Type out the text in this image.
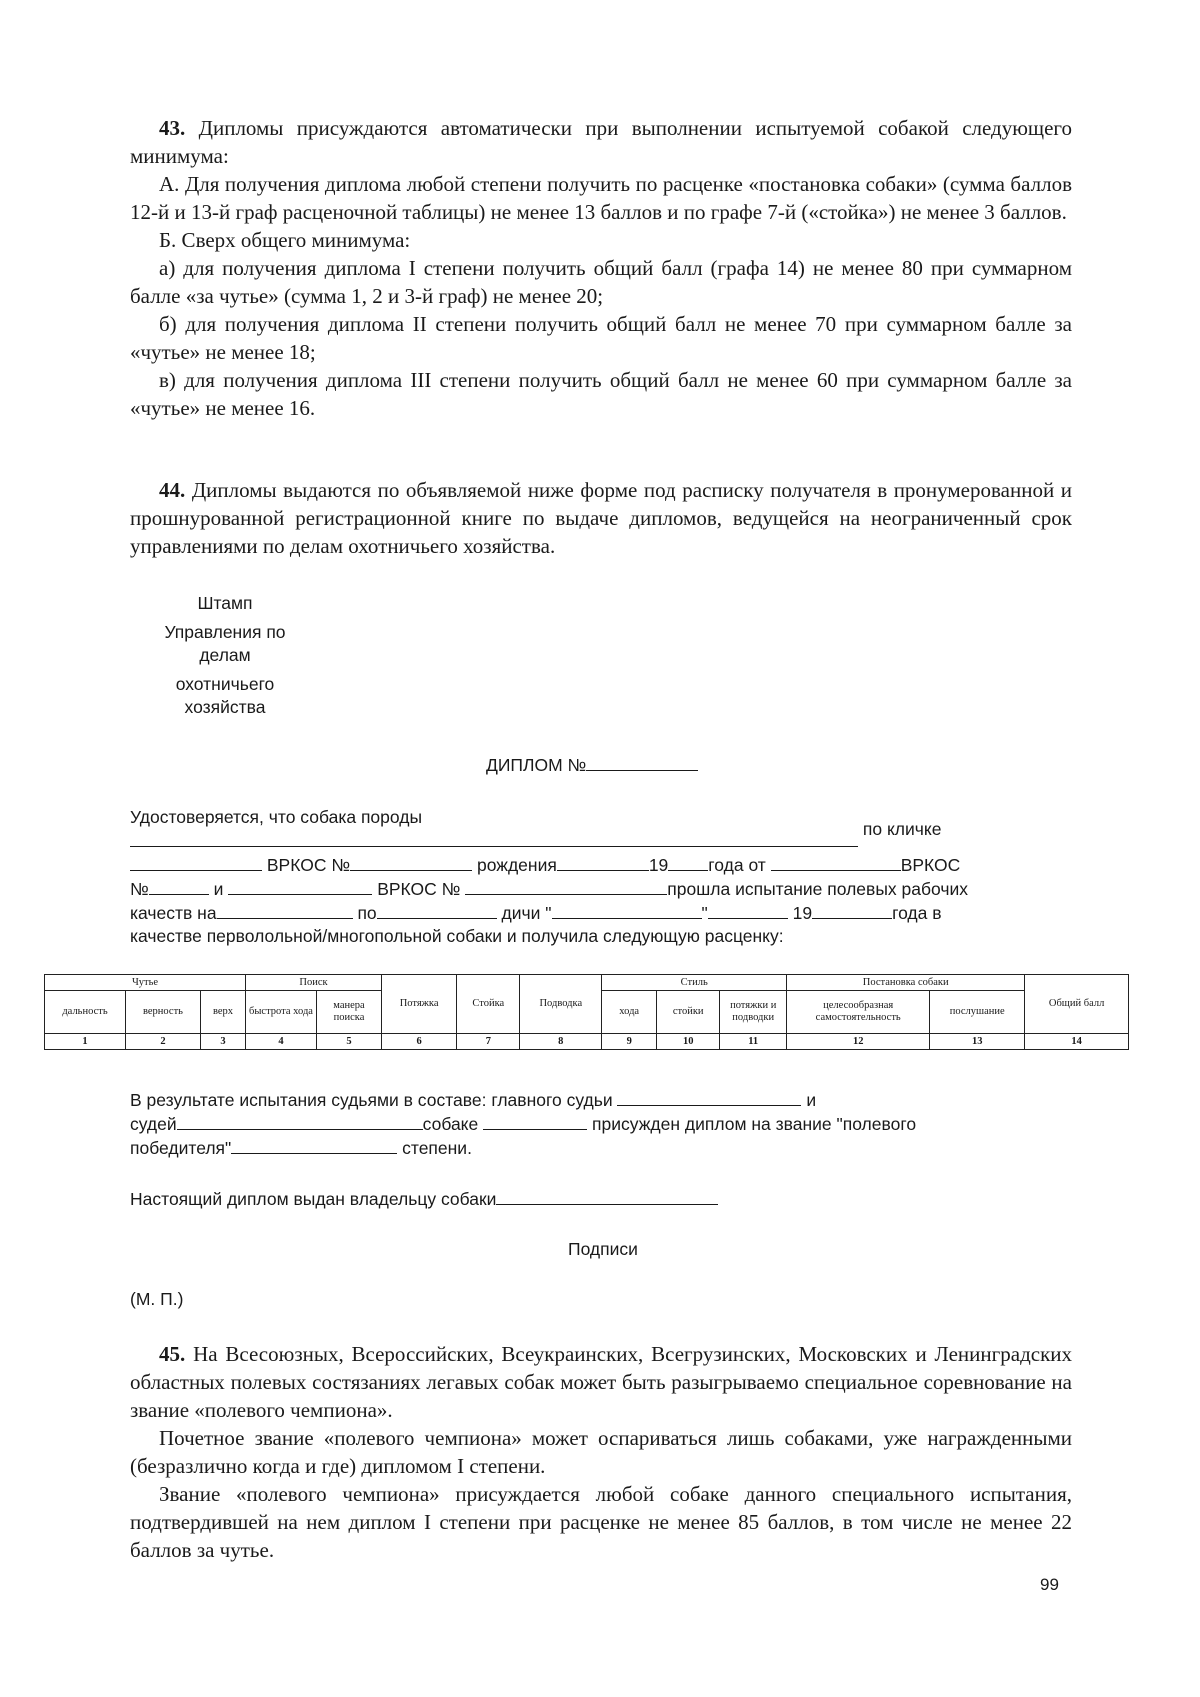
43. Дипломы присуждаются автоматически при выполнении испытуемой собакой следующего минимума:

А. Для получения диплома любой степени получить по расценке «постановка собаки» (сумма баллов 12-й и 13-й граф расценочной таблицы) не менее 13 баллов и по графе 7-й («стойка») не менее 3 баллов.

Б. Сверх общего минимума:

а) для получения диплома I степени получить общий балл (графа 14) не менее 80 при суммарном балле «за чутье» (сумма 1, 2 и 3-й граф) не менее 20;

б) для получения диплома II степени получить общий балл не менее 70 при суммарном балле за «чутье» не менее 18;

в) для получения диплома III степени получить общий балл не менее 60 при суммарном балле за «чутье» не менее 16.

44. Дипломы выдаются по объявляемой ниже форме под расписку получателя в пронумерованной и прошнурованной регистрационной книге по выдаче дипломов, ведущейся на неограниченный срок управлениями по делам охотничьего хозяйства.

Штамп
Управления по
делам
охотничьего
хозяйства
ДИПЛОМ №
Удостоверяется, что собака породы
по кличке
ВРКОС №	рождения	19 года от	ВРКОС
№	и	ВРКОС №	прошла испытание полевых рабочих
качеств на	по	дичи "	"	19	года в
качестве перволольной/многопольной собаки и получила следующую расценку:
Чутье			Поиск		Потяжка	Стойка	Подводка	Стиль			Постановка собаки		Общий балл
дальность	верность	верх	быстрота хода	манера поиска				хода	стойки	потяжки и подводки	целесообразная самостоятельность	послушание	
1	2	3	4	5	6	7	8	9	10	11	12	13	14
В результате испытания судьями в составе: главного судьи	и
судей	собаке	присужден диплом на звание "полевого
победителя"	степени.
Настоящий диплом выдан владельцу собаки
Подписи
(М. П.)

45. На Всесоюзных, Всероссийских, Всеукраинских, Всегрузинских, Московских и Ленинградских областных полевых состязаниях легавых собак может быть разыгрываемо специальное соревнование на звание «полевого чемпиона».

Почетное звание «полевого чемпиона» может оспариваться лишь собаками, уже награжденными (безразлично когда и где) дипломом I степени.

Звание «полевого чемпиона» присуждается любой собаке данного специального испытания, подтвердившей на нем диплом I степени при расценке не менее 85 баллов, в том числе не менее 22 баллов за чутье.

99
